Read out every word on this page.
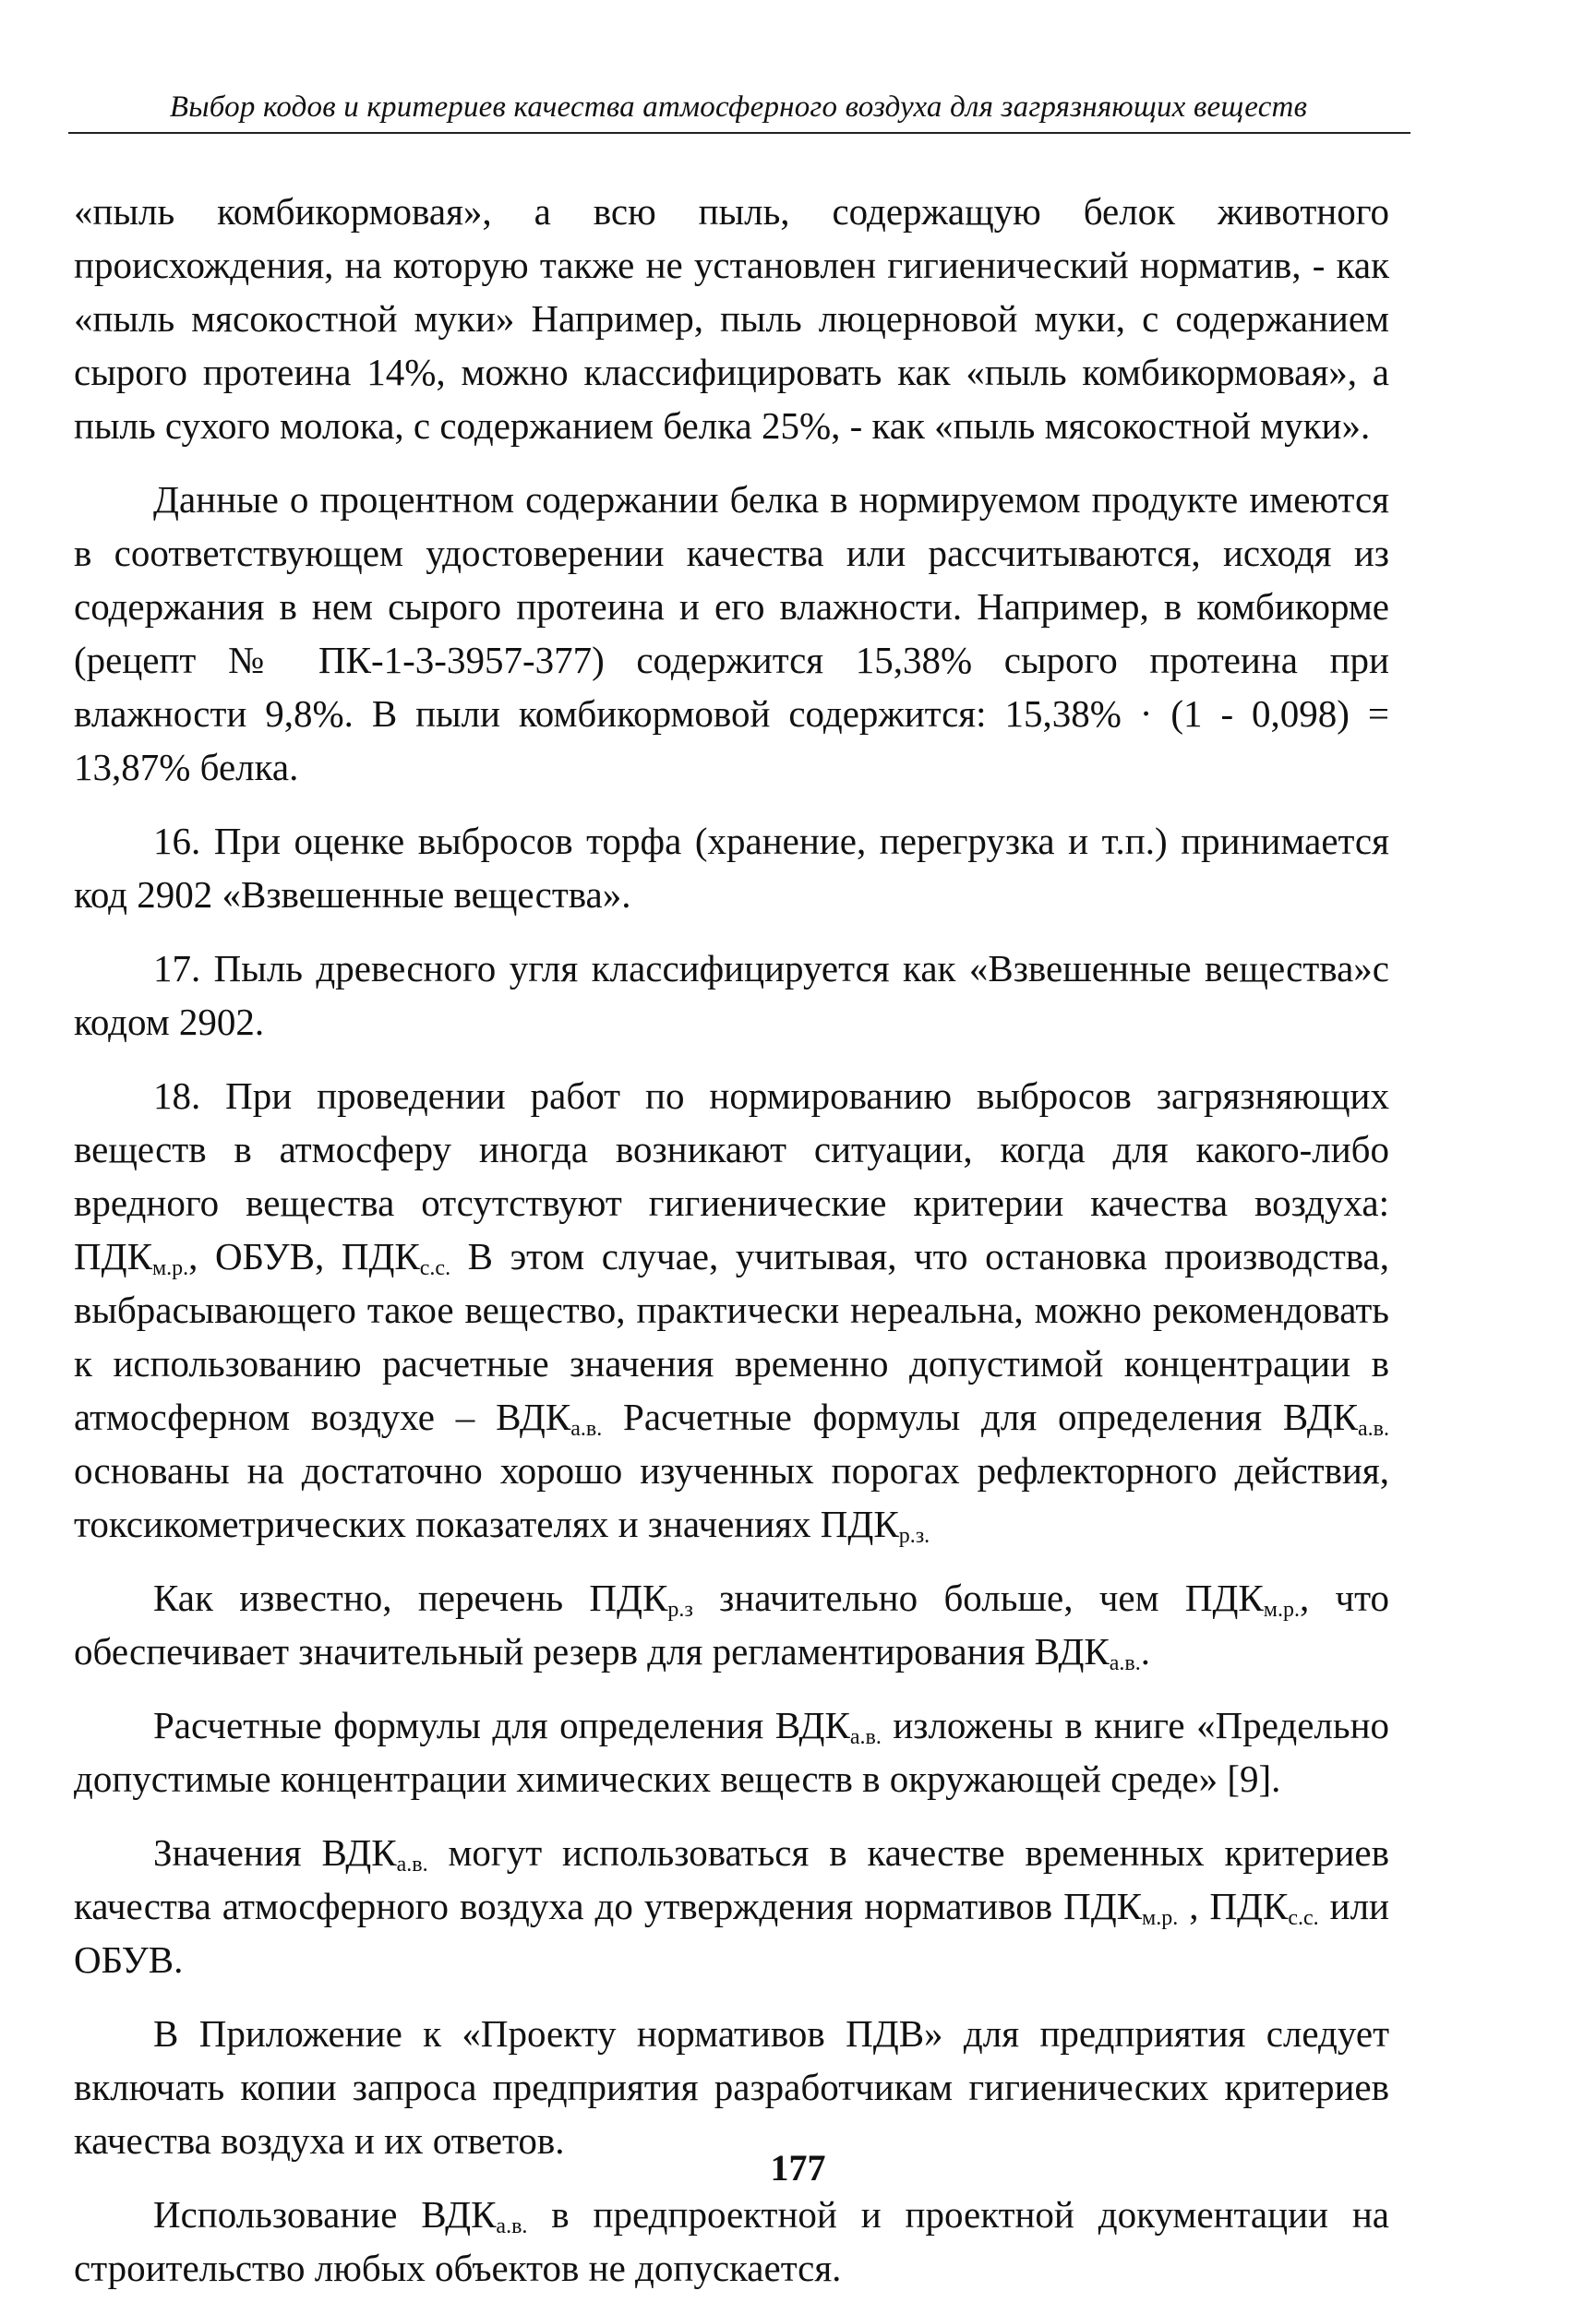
Выбор кодов и критериев качества атмосферного воздуха для загрязняющих веществ

«пыль комбикормовая», а всю пыль, содержащую белок животного происхождения, на которую также не установлен гигиенический норматив, - как «пыль мясокостной муки» Например, пыль люцерновой муки, с содержанием сырого протеина 14%, можно классифицировать как «пыль комбикормовая», а пыль сухого молока, с содержанием белка 25%, - как «пыль мясокостной муки».

Данные о процентном содержании белка в нормируемом продукте имеются в соответствующем удостоверении качества или рассчитываются, исходя из содержания в нем сырого протеина и его влажности. Например, в комбикорме (рецепт № ПК-1-3-3957-377) содержится 15,38% сырого протеина при влажности 9,8%. В пыли комбикормовой содержится: 15,38% · (1 - 0,098) = 13,87% белка.

16. При оценке выбросов торфа (хранение, перегрузка и т.п.) принимается код 2902 «Взвешенные вещества».

17. Пыль древесного угля классифицируется как «Взвешенные вещества»с кодом 2902.

18. При проведении работ по нормированию выбросов загрязняющих веществ в атмосферу иногда возникают ситуации, когда для какого-либо вредного вещества отсутствуют гигиенические критерии качества воздуха: $ПДК_{м.р.}$, ОБУВ, $ПДК_{с.с.}$ В этом случае, учитывая, что остановка производства, выбрасывающего такое вещество, практически нереальна, можно рекомендовать к использованию расчетные значения временно допустимой концентрации в атмосферном воздухе – $ВДК_{а.в.}$ Расчетные формулы для определения $ВДК_{а.в.}$ основаны на достаточно хорошо изученных порогах рефлекторного действия, токсикометрических показателях и значениях $ПДК_{р.з.}$

Как известно, перечень $ПДК_{р.з}$ значительно больше, чем $ПДК_{м.р.}$, что обеспечивает значительный резерв для регламентирования $ВДК_{а.в.}$.

Расчетные формулы для определения $ВДК_{а.в.}$ изложены в книге «Предельно допустимые концентрации химических веществ в окружающей среде» [9].

Значения $ВДК_{а.в.}$ могут использоваться в качестве временных критериев качества атмосферного воздуха до утверждения нормативов $ПДК_{м.р.}$ , $ПДК_{с.с.}$ или ОБУВ.

В Приложение к «Проекту нормативов ПДВ» для предприятия следует включать копии запроса предприятия разработчикам гигиенических критериев качества воздуха и их ответов.

Использование $ВДК_{а.в.}$ в предпроектной и проектной документации на строительство любых объектов не допускается.

177
